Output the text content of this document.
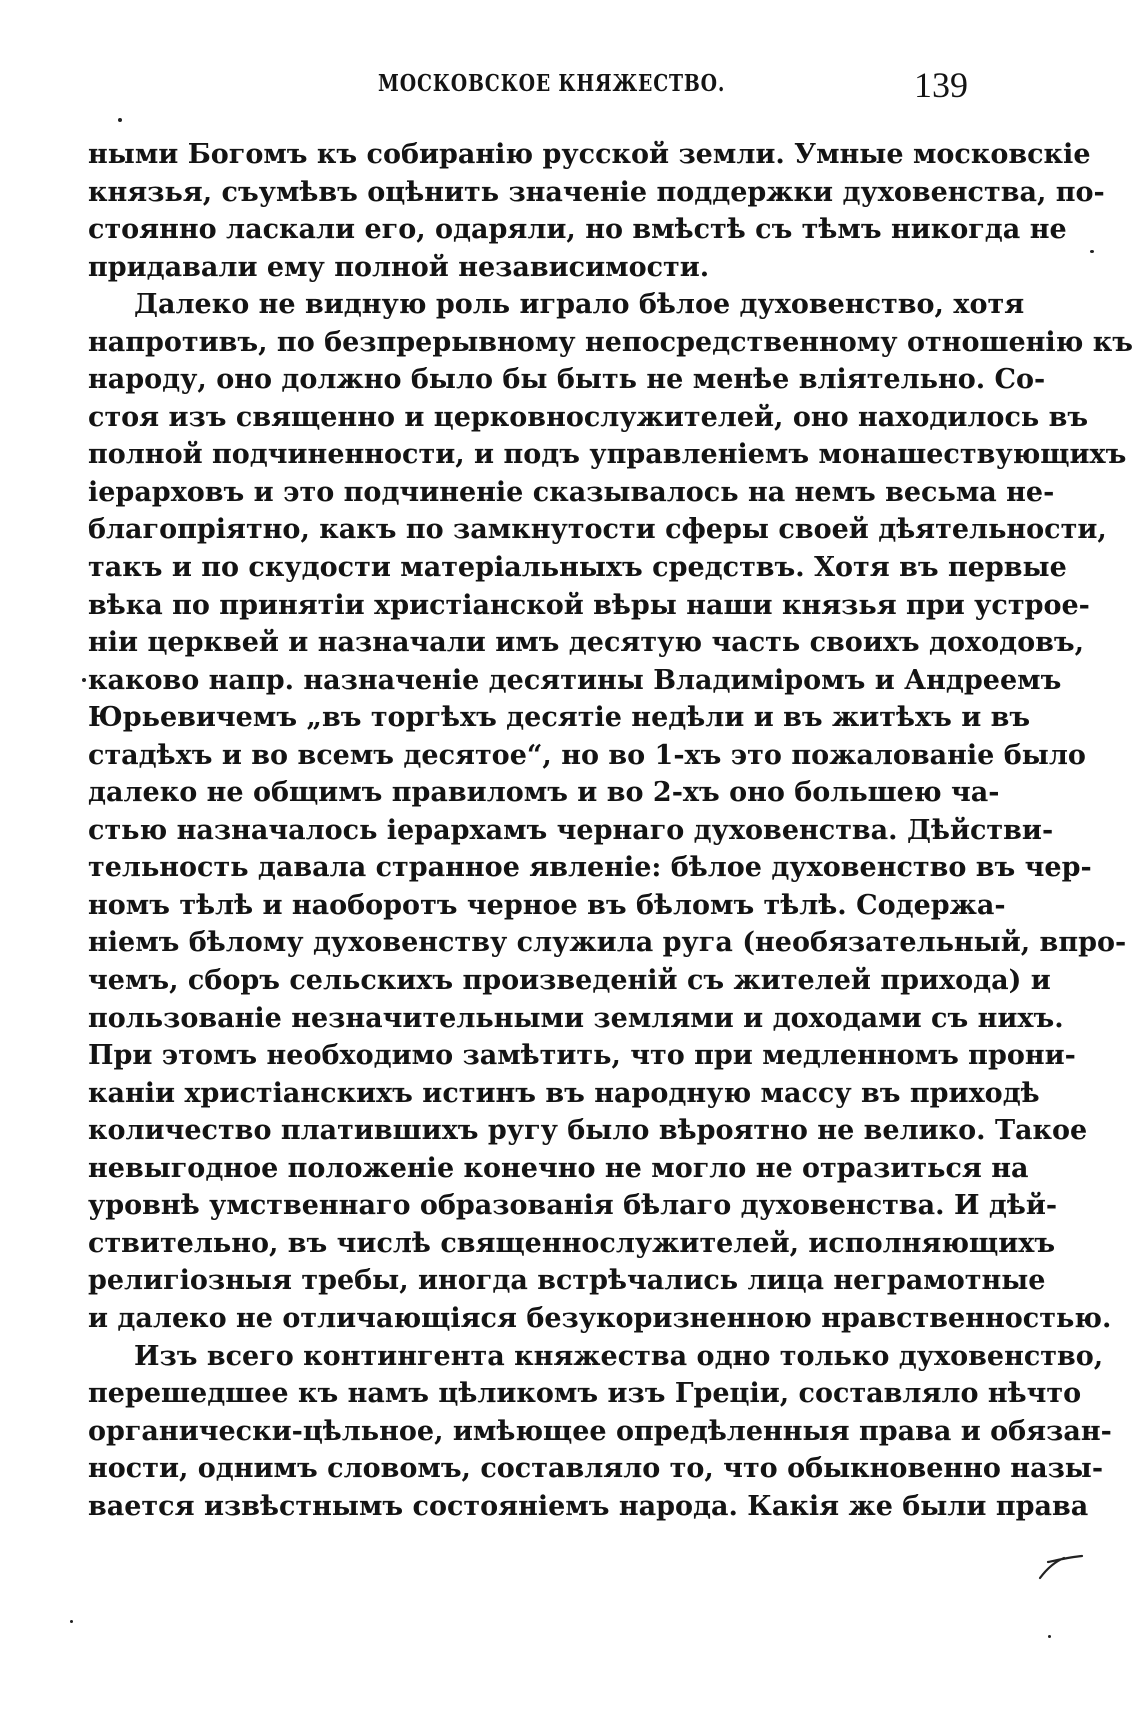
МОСКОВСКОЕ КНЯЖЕСТВО.	139
ными Богомъ къ собиранію русской земли. Умные московскіе
князья, съумѣвъ оцѣнить значеніе поддержки духовенства, по-
стоянно ласкали его, одаряли, но вмѣстѣ съ тѣмъ никогда не
придавали ему полной независимости.
Далеко не видную роль играло бѣлое духовенство, хотя
напротивъ, по безпрерывному непосредственному отношенію къ
народу, оно должно было бы быть не менѣе вліятельно. Со-
стоя изъ священно и церковнослужителей, оно находилось въ
полной подчиненности, и подъ управленіемъ монашествующихъ
іерарховъ и это подчиненіе сказывалось на немъ весьма не-
благопріятно, какъ по замкнутости сферы своей дѣятельности,
такъ и по скудости матеріальныхъ средствъ. Хотя въ первые
вѣка по принятіи христіанской вѣры наши князья при устрое-
ніи церквей и назначали имъ десятую часть своихъ доходовъ,
каково напр. назначеніе десятины Владиміромъ и Андреемъ
Юрьевичемъ „въ торгѣхъ десятіе недѣли и въ житѣхъ и въ
стадѣхъ и во всемъ десятое“, но во 1-хъ это пожалованіе было
далеко не общимъ правиломъ и во 2-хъ оно большею ча-
стью назначалось іерархамъ чернаго духовенства. Дѣйстви-
тельность давала странное явленіе: бѣлое духовенство въ чер-
номъ тѣлѣ и наоборотъ черное въ бѣломъ тѣлѣ. Содержа-
ніемъ бѣлому духовенству служила руга (необязательный, впро-
чемъ, сборъ сельскихъ произведеній съ жителей прихода) и
пользованіе незначительными землями и доходами съ нихъ.
При этомъ необходимо замѣтить, что при медленномъ прони-
каніи христіанскихъ истинъ въ народную массу въ приходѣ
количество платившихъ ругу было вѣроятно не велико. Такое
невыгодное положеніе конечно не могло не отразиться на
уровнѣ умственнаго образованія бѣлаго духовенства. И дѣй-
ствительно, въ числѣ священнослужителей, исполняющихъ
религіозныя требы, иногда встрѣчались лица неграмотные
и далеко не отличающіяся безукоризненною нравственностью.
Изъ всего контингента княжества одно только духовенство,
перешедшее къ намъ цѣликомъ изъ Греціи, составляло нѣчто
органически-цѣльное, имѣющее опредѣленныя права и обязан-
ности, однимъ словомъ, составляло то, что обыкновенно назы-
вается извѣстнымъ состояніемъ народа. Какія же были права
